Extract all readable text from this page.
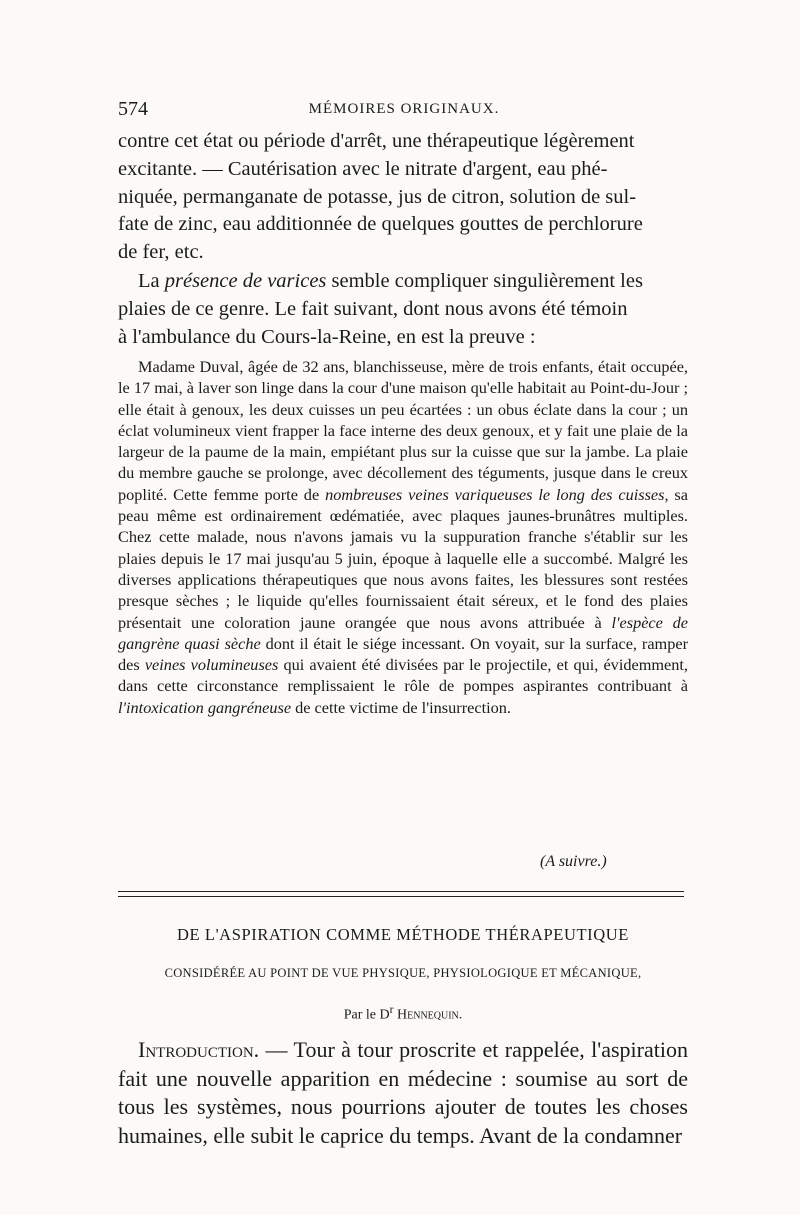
574	MÉMOIRES ORIGINAUX.

contre cet état ou période d'arrêt, une thérapeutique légèrement

excitante. — Cautérisation avec le nitrate d'argent, eau phé-

niquée, permanganate de potasse, jus de citron, solution de sul-

fate de zinc, eau additionnée de quelques gouttes de perchlorure

de fer, etc.

La présence de varices semble compliquer singulièrement les

plaies de ce genre. Le fait suivant, dont nous avons été témoin

à l'ambulance du Cours-la-Reine, en est la preuve :

Madame Duval, âgée de 32 ans, blanchisseuse, mère de trois enfants, était occupée, le 17 mai, à laver son linge dans la cour d'une maison qu'elle habitait au Point-du-Jour ; elle était à genoux, les deux cuisses un peu écartées : un obus éclate dans la cour ; un éclat volumineux vient frapper la face interne des deux genoux, et y fait une plaie de la largeur de la paume de la main, empiétant plus sur la cuisse que sur la jambe. La plaie du membre gauche se prolonge, avec décollement des téguments, jusque dans le creux poplité. Cette femme porte de nombreuses veines variqueuses le long des cuisses, sa peau même est ordinairement œdématiée, avec plaques jaunes-brunâtres multiples. Chez cette malade, nous n'avons jamais vu la suppuration franche s'établir sur les plaies depuis le 17 mai jusqu'au 5 juin, époque à laquelle elle a succombé. Malgré les diverses applications thérapeutiques que nous avons faites, les blessures sont restées presque sèches ; le liquide qu'elles fournissaient était séreux, et le fond des plaies présentait une coloration jaune orangée que nous avons attribuée à l'espèce de gangrène quasi sèche dont il était le siége incessant. On voyait, sur la surface, ramper des veines volumineuses qui avaient été divisées par le projectile, et qui, évidemment, dans cette circonstance remplissaient le rôle de pompes aspirantes contribuant à l'intoxication gangréneuse de cette victime de l'insurrection.

(A suivre.)
DE L'ASPIRATION COMME MÉTHODE THÉRAPEUTIQUE
CONSIDÉRÉE AU POINT DE VUE PHYSIQUE, PHYSIOLOGIQUE ET MÉCANIQUE,
Par le $D^r$ Hennequin.

Introduction. — Tour à tour proscrite et rappelée, l'aspiration fait une nouvelle apparition en médecine : soumise au sort de tous les systèmes, nous pourrions ajouter de toutes les choses humaines, elle subit le caprice du temps. Avant de la condamner
